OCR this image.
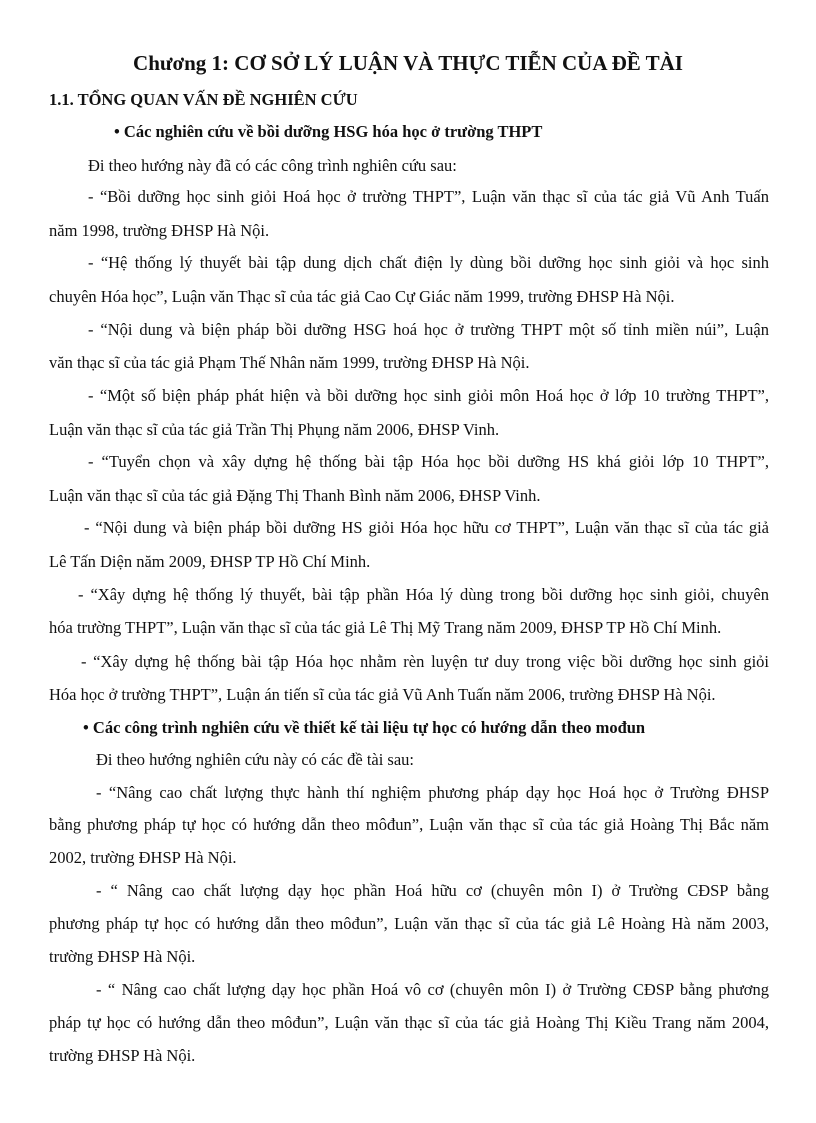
Chương 1: CƠ SỞ LÝ LUẬN VÀ THỰC TIỄN CỦA ĐỀ TÀI
1.1. TỔNG QUAN VẤN ĐỀ NGHIÊN CỨU
• Các nghiên cứu về bồi dưỡng HSG hóa học ở trường THPT
Đi theo hướng này đã có các công trình nghiên cứu sau:
- “Bồi dưỡng học sinh giỏi Hoá học ở trường THPT”, Luận văn thạc sĩ của tác giả Vũ Anh Tuấn
năm 1998, trường ĐHSP Hà Nội.
- “Hệ thống lý thuyết bài tập dung dịch chất điện ly dùng bồi dưỡng học sinh giỏi và học sinh
chuyên Hóa học”, Luận văn Thạc sĩ của tác giả Cao Cự Giác năm 1999, trường ĐHSP Hà Nội.
- “Nội dung và biện pháp bồi dưỡng HSG hoá học ở trường THPT một số tỉnh miền núi”, Luận
văn thạc sĩ của tác giả Phạm Thế Nhân năm 1999, trường ĐHSP Hà Nội.
- “Một số biện pháp phát hiện và bồi dưỡng học sinh giỏi môn Hoá học ở lớp 10 trường THPT”,
Luận văn thạc sĩ của tác giả Trần Thị Phụng năm 2006, ĐHSP Vinh.
- “Tuyển chọn và xây dựng hệ thống bài tập Hóa học bồi dưỡng HS khá giỏi lớp 10 THPT”,
Luận văn thạc sĩ của tác giả Đặng Thị Thanh Bình năm 2006, ĐHSP Vinh.
- “Nội dung và biện pháp bồi dưỡng HS giỏi Hóa học hữu cơ THPT”, Luận văn thạc sĩ của tác giả
Lê Tấn Diện năm 2009, ĐHSP TP Hồ Chí Minh.
- “Xây dựng hệ thống lý thuyết, bài tập phần Hóa lý dùng trong bồi dưỡng học sinh giỏi, chuyên
hóa trường THPT”, Luận văn thạc sĩ của tác giả Lê Thị Mỹ Trang năm 2009, ĐHSP TP Hồ Chí Minh.
- “Xây dựng hệ thống bài tập Hóa học nhằm rèn luyện tư duy trong việc bồi dưỡng học sinh giỏi
Hóa học ở trường THPT”, Luận án tiến sĩ của tác giả Vũ Anh Tuấn năm 2006, trường ĐHSP Hà Nội.
• Các công trình nghiên cứu về thiết kế tài liệu tự học có hướng dẫn theo mođun
Đi theo hướng nghiên cứu này có các đề tài sau:
- “Nâng cao chất lượng thực hành thí nghiệm phương pháp dạy học Hoá học ở Trường ĐHSP
bằng phương pháp tự học có hướng dẫn theo môđun”, Luận văn thạc sĩ của tác giả Hoàng Thị Bắc năm
2002, trường ĐHSP Hà Nội.
- “ Nâng cao chất lượng dạy học phần Hoá hữu cơ (chuyên môn I) ở Trường CĐSP bằng
phương pháp tự học có hướng dẫn theo môđun”, Luận văn thạc sĩ của tác giả Lê Hoàng Hà năm 2003,
trường ĐHSP Hà Nội.
- “ Nâng cao chất lượng dạy học phần Hoá vô cơ (chuyên môn I) ở Trường CĐSP bằng phương
pháp tự học có hướng dẫn theo môđun”, Luận văn thạc sĩ của tác giả Hoàng Thị Kiều Trang năm 2004,
trường ĐHSP Hà Nội.
